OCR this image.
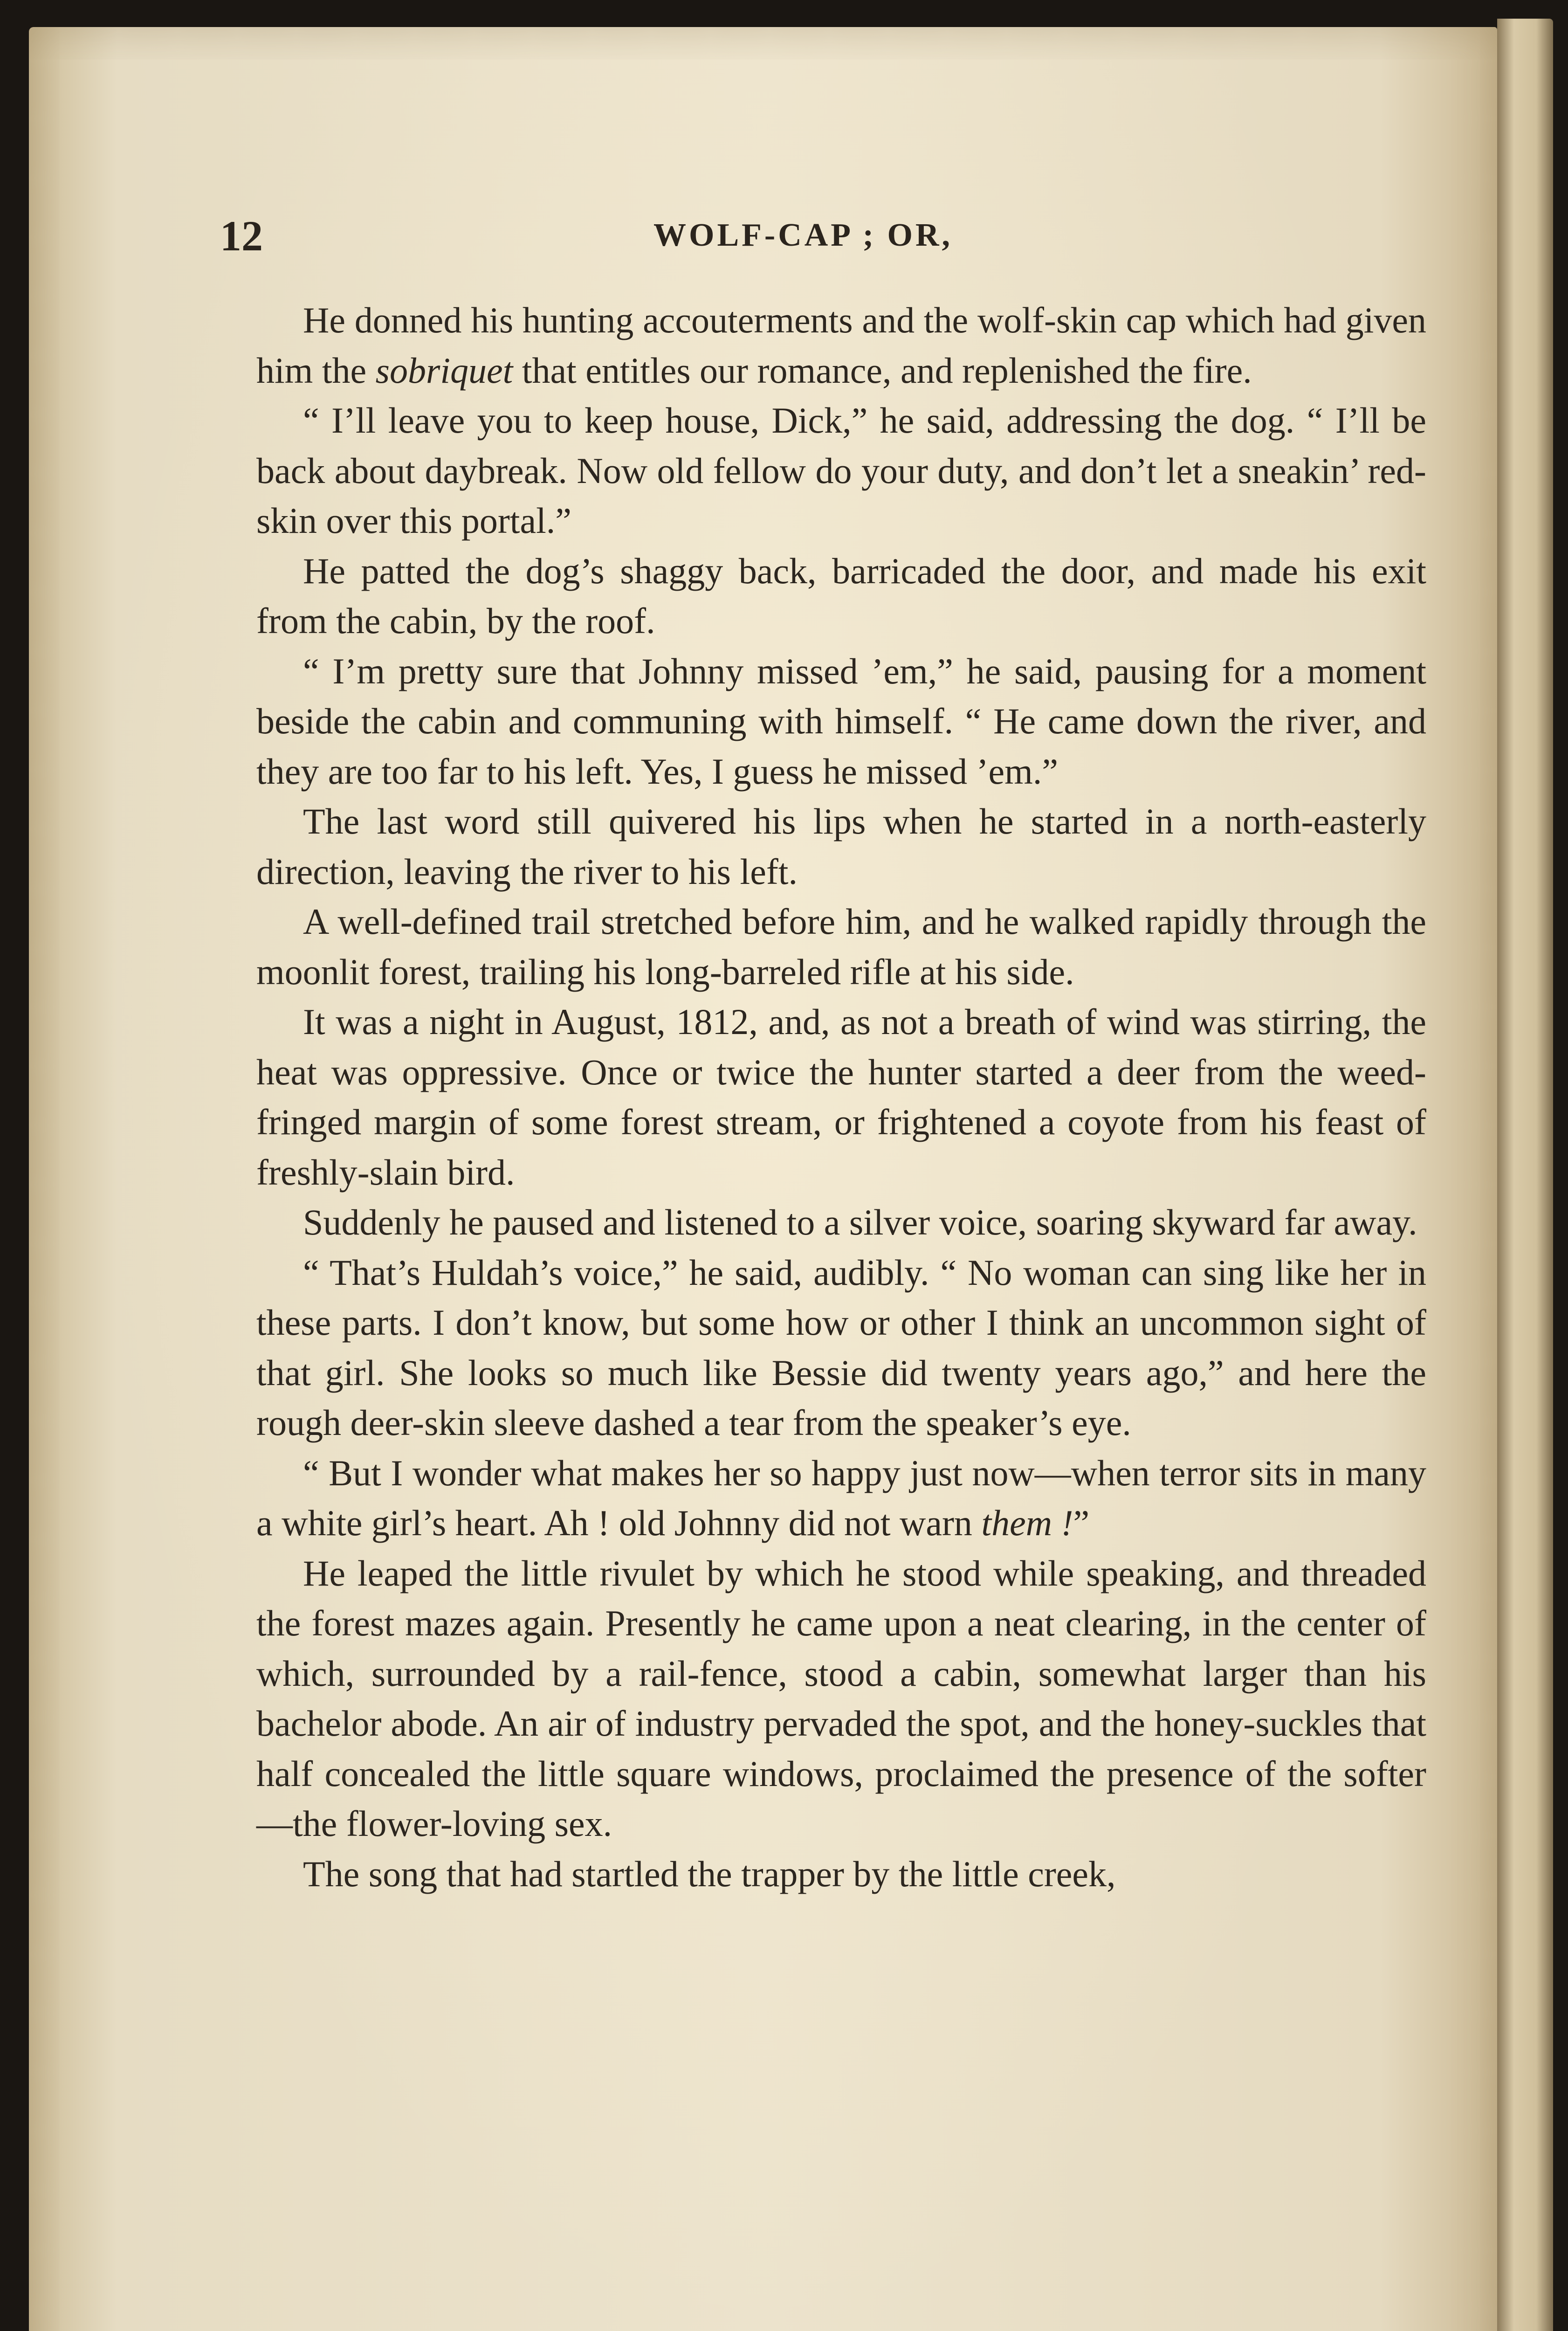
12	WOLF-CAP ; OR,

He donned his hunting accouterments and the wolf-skin cap which had given him the sobriquet that entitles our romance, and replenished the fire.

“ I’ll leave you to keep house, Dick,” he said, addressing the dog. “ I’ll be back about daybreak. Now old fellow do your duty, and don’t let a sneakin’ red-skin over this portal.”

He patted the dog’s shaggy back, barricaded the door, and made his exit from the cabin, by the roof.

“ I’m pretty sure that Johnny missed ’em,” he said, pausing for a moment beside the cabin and communing with himself. “ He came down the river, and they are too far to his left. Yes, I guess he missed ’em.”

The last word still quivered his lips when he started in a north-easterly direction, leaving the river to his left.

A well-defined trail stretched before him, and he walked rapidly through the moonlit forest, trailing his long-barreled rifle at his side.

It was a night in August, 1812, and, as not a breath of wind was stirring, the heat was oppressive. Once or twice the hunter started a deer from the weed-fringed margin of some forest stream, or frightened a coyote from his feast of freshly-slain bird.

Suddenly he paused and listened to a silver voice, soaring skyward far away.

“ That’s Huldah’s voice,” he said, audibly. “ No woman can sing like her in these parts. I don’t know, but some how or other I think an uncommon sight of that girl. She looks so much like Bessie did twenty years ago,” and here the rough deer-skin sleeve dashed a tear from the speaker’s eye.

“ But I wonder what makes her so happy just now—when terror sits in many a white girl’s heart. Ah ! old Johnny did not warn them !”

He leaped the little rivulet by which he stood while speaking, and threaded the forest mazes again. Presently he came upon a neat clearing, in the center of which, surrounded by a rail-fence, stood a cabin, somewhat larger than his bachelor abode. An air of industry pervaded the spot, and the honey-suckles that half concealed the little square windows, proclaimed the presence of the softer—the flower-loving sex.

The song that had startled the trapper by the little creek,
